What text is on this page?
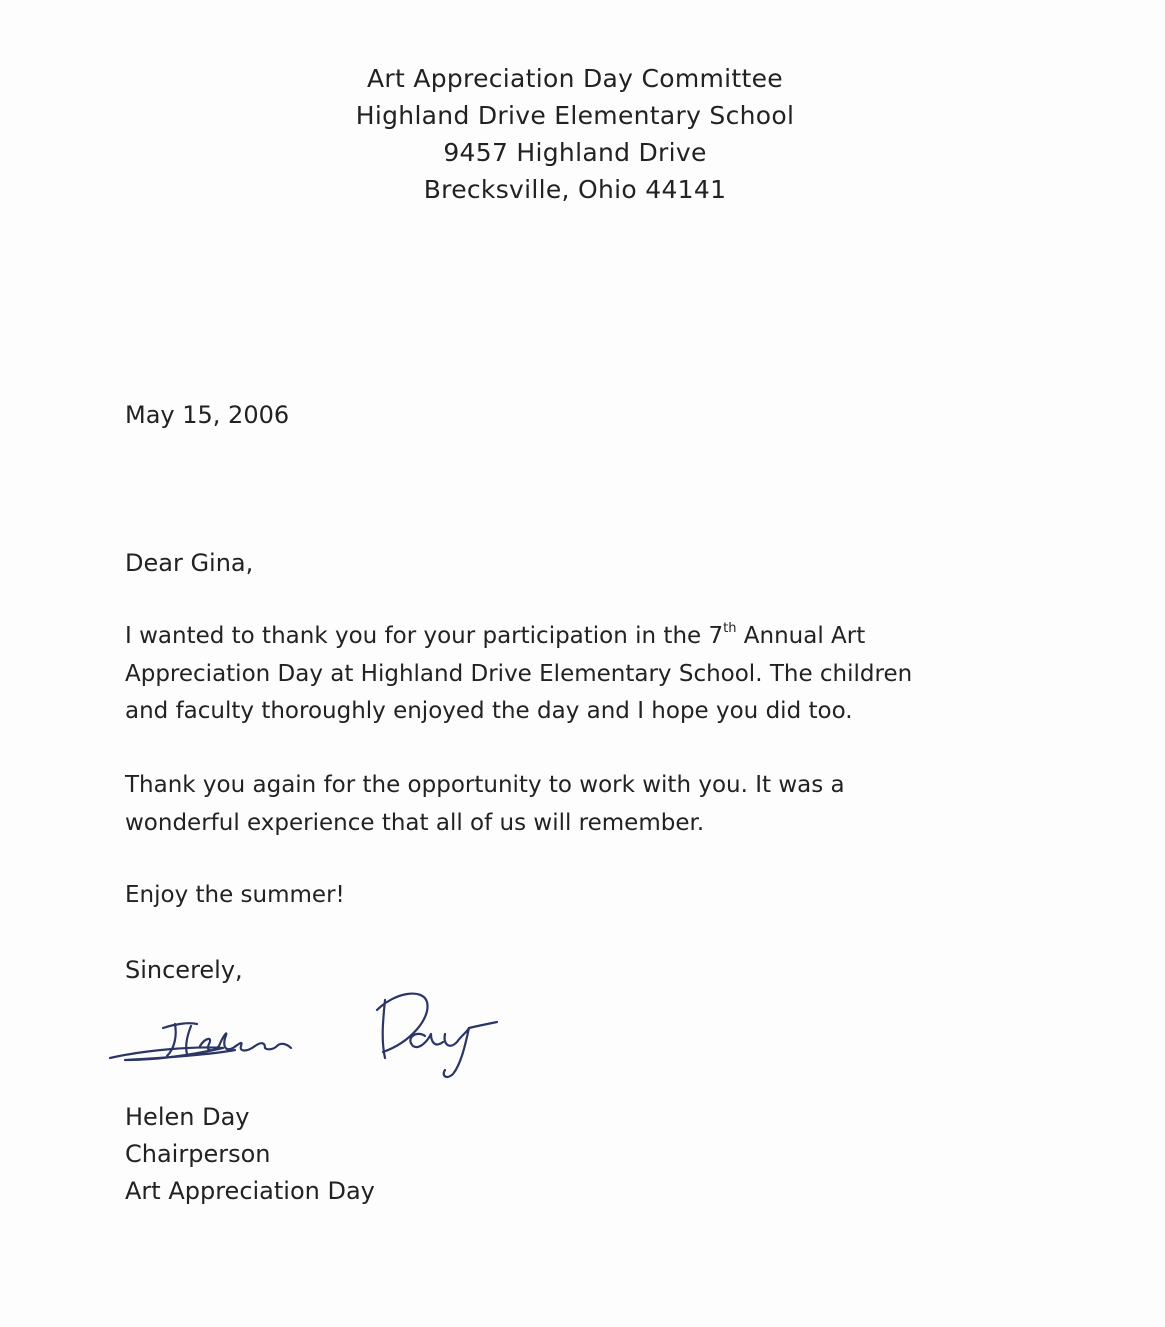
Art Appreciation Day Committee
Highland Drive Elementary School
9457 Highland Drive
Brecksville, Ohio 44141
May 15, 2006
Dear Gina,
I wanted to thank you for your participation in the 7th Annual Art
Appreciation Day at Highland Drive Elementary School. The children
and faculty thoroughly enjoyed the day and I hope you did too.
Thank you again for the opportunity to work with you. It was a
wonderful experience that all of us will remember.
Enjoy the summer!
Sincerely,
Helen Day
Chairperson
Art Appreciation Day
